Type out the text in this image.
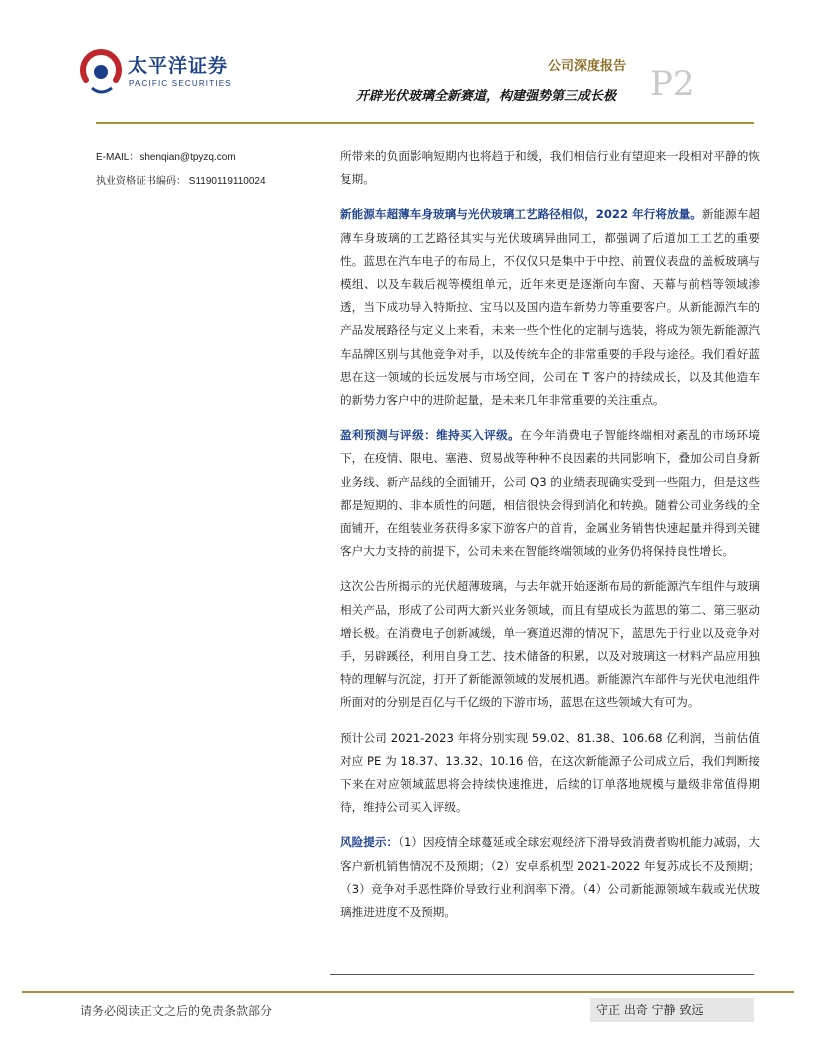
太平洋证券
PACIFIC SECURITIES
公司深度报告
开辟光伏玻璃全新赛道，构建强势第三成长极 P2
E-MAIL：shenqian@tpyzq.com
执业资格证书编码： S1190119110024

所带来的负面影响短期内也将趋于和缓，我们相信行业有望迎来一段相对平静的恢复期。

新能源车超薄车身玻璃与光伏玻璃工艺路径相似，2022 年行将放量。新能源车超薄车身玻璃的工艺路径其实与光伏玻璃异曲同工，都强调了后道加工工艺的重要性。蓝思在汽车电子的布局上，不仅仅只是集中于中控、前置仪表盘的盖板玻璃与模组、以及车载后视等模组单元，近年来更是逐渐向车窗、天幕与前档等领域渗透，当下成功导入特斯拉、宝马以及国内造车新势力等重要客户。从新能源汽车的产品发展路径与定义上来看，未来一些个性化的定制与选装，将成为领先新能源汽车品牌区别与其他竞争对手，以及传统车企的非常重要的手段与途径。我们看好蓝思在这一领域的长远发展与市场空间，公司在 T 客户的持续成长，以及其他造车的新势力客户中的进阶起量，是未来几年非常重要的关注重点。

盈利预测与评级：维持买入评级。在今年消费电子智能终端相对紊乱的市场环境下，在疫情、限电、塞港、贸易战等种种不良因素的共同影响下，叠加公司自身新业务线、新产品线的全面铺开，公司 Q3 的业绩表现确实受到一些阻力，但是这些都是短期的、非本质性的问题，相信很快会得到消化和转换。随着公司业务线的全面铺开，在组装业务获得多家下游客户的首肯，金属业务销售快速起量并得到关键客户大力支持的前提下，公司未来在智能终端领域的业务仍将保持良性增长。

这次公告所揭示的光伏超薄玻璃，与去年就开始逐渐布局的新能源汽车组件与玻璃相关产品，形成了公司两大新兴业务领域，而且有望成长为蓝思的第二、第三驱动增长极。在消费电子创新减缓，单一赛道迟滞的情况下，蓝思先于行业以及竞争对手，另辟蹊径，利用自身工艺、技术储备的积累，以及对玻璃这一材料产品应用独特的理解与沉淀，打开了新能源领域的发展机遇。新能源汽车部件与光伏电池组件所面对的分别是百亿与千亿级的下游市场，蓝思在这些领域大有可为。

预计公司 2021-2023 年将分别实现 59.02、81.38、106.68 亿利润，当前估值对应 PE 为 18.37、13.32、10.16 倍，在这次新能源子公司成立后，我们判断接下来在对应领域蓝思将会持续快速推进，后续的订单落地规模与量级非常值得期待，维持公司买入评级。

风险提示：（1）因疫情全球蔓延或全球宏观经济下滑导致消费者购机能力减弱，大客户新机销售情况不及预期；（2）安卓系机型 2021-2022 年复苏成长不及预期；（3）竞争对手恶性降价导致行业利润率下滑。（4）公司新能源领域车载或光伏玻璃推进进度不及预期。

请务必阅读正文之后的免责条款部分	守正 出奇 宁静 致远
